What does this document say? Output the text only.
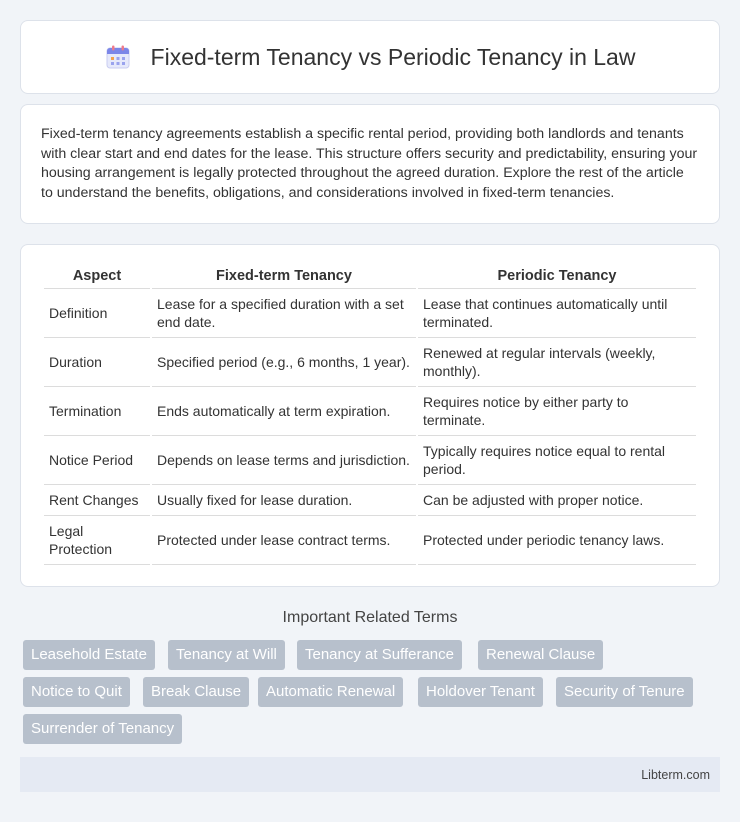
Fixed-term Tenancy vs Periodic Tenancy in Law

Fixed-term tenancy agreements establish a specific rental period, providing both landlords and tenants with clear start and end dates for the lease. This structure offers security and predictability, ensuring your housing arrangement is legally protected throughout the agreed duration. Explore the rest of the article to understand the benefits, obligations, and considerations involved in fixed-term tenancies.

Aspect	Fixed-term Tenancy	Periodic Tenancy
Definition	Lease for a specified duration with a set end date.	Lease that continues automatically until terminated.
Duration	Specified period (e.g., 6 months, 1 year).	Renewed at regular intervals (weekly, monthly).
Termination	Ends automatically at term expiration.	Requires notice by either party to terminate.
Notice Period	Depends on lease terms and jurisdiction.	Typically requires notice equal to rental period.
Rent Changes	Usually fixed for lease duration.	Can be adjusted with proper notice.
Legal Protection	Protected under lease contract terms.	Protected under periodic tenancy laws.
Important Related Terms
Leasehold Estate	Tenancy at Will	Tenancy at Sufferance	Renewal Clause
Notice to Quit	Break Clause	Automatic Renewal	Holdover Tenant	Security of Tenure
Surrender of Tenancy
Libterm.com
